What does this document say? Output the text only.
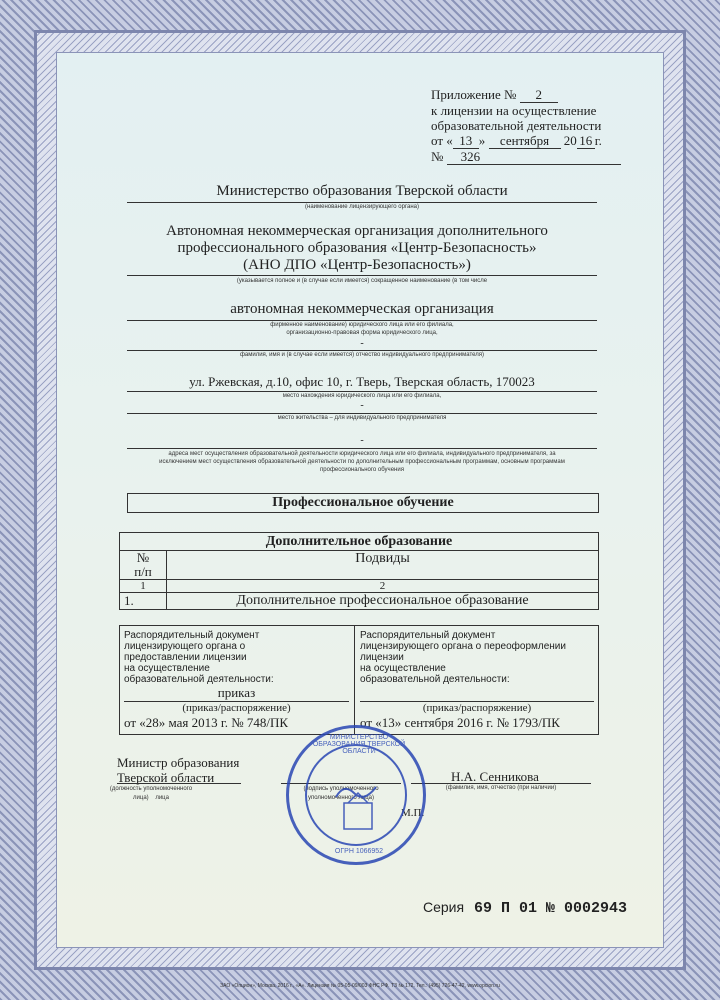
Приложение № 2
к лицензии на осуществление
образовательной деятельности
от « 13 » сентября 20 16 г.
№ 326
Министерство образования Тверской области
(наименование лицензирующего органа)
Автономная некоммерческая организация дополнительного
профессионального образования «Центр-Безопасность»
(АНО ДПО «Центр-Безопасность»)
(указывается полное и (в случае если имеется) сокращенное наименование (в том числе
автономная некоммерческая организация
фирменное наименование) юридического лица или его филиала,
организационно-правовая форма юридического лица,
-
фамилия, имя и (в случае если имеется) отчество индивидуального предпринимателя)
ул. Ржевская, д.10, офис 10, г. Тверь, Тверская область, 170023
место нахождения юридического лица или его филиала,
-
место жительства – для индивидуального предпринимателя
-
адреса мест осуществления образовательной деятельности юридического лица или его филиала, индивидуального предпринимателя, за
исключением мест осуществления образовательной деятельности по дополнительным профессиональным программам, основным программам
профессионального обучения
Профессиональное обучение
Дополнительное образование
№
п/п	Подвиды
1	2
1.	Дополнительное профессиональное образование
Распорядительный документ
лицензирующего органа о
предоставлении лицензии
на осуществление
образовательной деятельности:
приказ
(приказ/распоряжение)
от «28» мая 2013 г. № 748/ПК
Распорядительный документ
лицензирующего органа о переоформлении лицензии
на осуществление
образовательной деятельности:
(приказ/распоряжение)
от «13» сентября 2016 г. № 1793/ПК
Министр образования
Тверской области
(должность уполномоченного
лица) лица
(подпись уполномоченного
уполномоченного лица)
Н.А. Сенникова
(фамилия, имя, отчество (при наличии)
М.П.
Серия 69 П 01 № 0002943
МИНИСТЕРСТВО ОБРАЗОВАНИЯ ТВЕРСКОЙ ОБЛАСТИ
ОГРН 1066952
ЗАО «Опцион», Москва, 2016 г., «А». Лицензия № 05-05-09/003 ФНС РФ. ТЗ № 172. Тел.: (495) 726-47-42, www.opcion.ru
